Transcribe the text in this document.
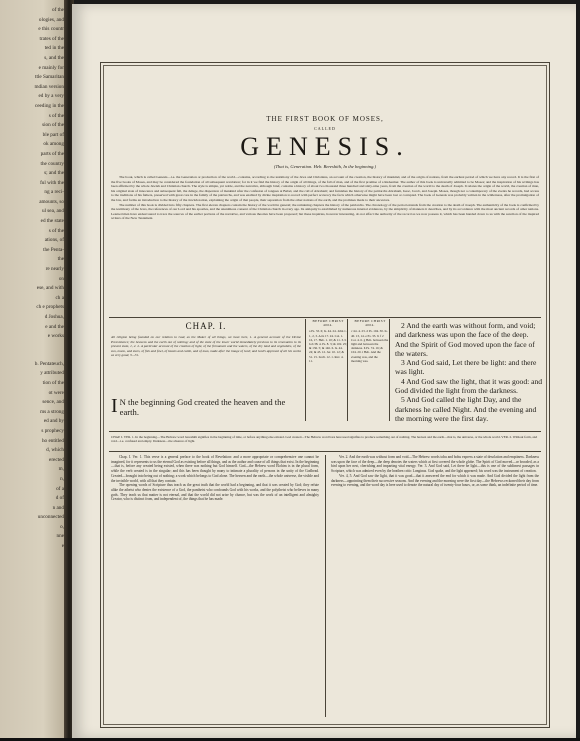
of the
ologies, and
e this countr
trates of the
ted in the
s, and the
e mainly for
ttle Samaritan
mdian version
ed by a very
ceeding in the
s of the
sion of the
ble part of
ok among
parts of the
the country
s; and the
ful with the
ng a reci-
amounts, so
ul sea, and
ed the state
s of the
ations, of
the Penta-
the
re nearly
on
ese, and with
ch a
ch e prophets
d Joshua,
e and the
e works
b. Pentateuch,
y attributed
tion of the
ot were
sence, and
ms a strong
ed and by
s prophecy
ho entitled
d, which
erected
m,
n,
of a
d of
n and
unconnected
o,
nne
e
THE FIRST BOOK OF MOSES,
CALLED
GENESIS.
(That is, Generation. Heb. Bereshith, In the beginning.)

The book, which is called Genesis—i.e. the Generation or production of the world—contains, according to the testimony of the Jews and Christians, an account of the creation, the history of mankind, and of the origin of nations, from the earliest period of which we have any record. It is the first of the five books of Moses, and may be considered the foundation of all subsequent revelation; for in it we find the history of the origin of all things, of the fall of man, and of the first promise of a Redeemer. The author of this book is universally admitted to be Moses; and the inspiration of his writings has been affirmed by the whole Jewish and Christian church. The style is simple, yet noble, and the narrative, although brief, contains a history of about two thousand three hundred and sixty-nine years, from the creation of the world to the death of Joseph. It relates the origin of the world, the creation of man, his original state of innocence and subsequent fall, the deluge, the dispersion of mankind after the confusion of tongues at Babel, and the call of Abraham; and furnishes the history of the patriarchs Abraham, Isaac, Jacob, and Joseph. Moses, though not a contemporary of the events he records, had access to the traditions of his fathers, preserved with great care in the family of the patriarchs, and was enabled by divine inspiration to record with perfect accuracy the facts which otherwise might have been lost or corrupted. The book of Genesis was probably written in the wilderness, after the promulgation of the law, and forms an introduction to the history of the Jewish nation, explaining the origin of that people, their separation from the other nations of the earth, and the promises made to their ancestors.

The number of this book is divided into fifty chapters. The first eleven chapters contain the history of the world in general; the remaining chapters the history of the patriarchs. The chronology of the period extends from the creation to the death of Joseph. The authenticity of the book is confirmed by the testimony of the Jews, the references of our Lord and his apostles, and the unanimous consent of the Christian church in every age. Its antiquity is established by numerous internal evidences, by the simplicity of manners it describes, and by its accordance with the most ancient records of other nations. Learned men have endeavoured to trace the sources of the earlier portions of the narrative, and various theories have been proposed; but these inquiries, however interesting, do not affect the authority of the record as we now possess it, which has been handed down to us with the sanction of the inspired writers of the New Testament.

CHAP. I.
All religion being founded on our relation to God, as the Maker of all things, we have here, 1. A general account of the Divine Preexistence; the heavens and the earth out of nothing; and of the state of the lower world immediately previous to its renovation to its present state, 1, 2. 2. A particular account of the creation of light, of the firmament and the waters, of the dry land and vegetables, of the sun, moon, and stars, of fish and fowl, of beasts and cattle, and of man, made after the image of God; and God's approval of all his works as very good, 3—31.
I N the beginning God created the heaven and the earth.
BEFORE CHRIST 4004.
a Ps. 33. 6; Is. 44. 24. John 1. 1, 2, 3. Acts 17. 24. Col. 1. 16, 17. Heb. 1. 10; & 11. 3. b Job 38. 4. Ps. 8. 3; & 102. 25; & 136. 5; & 146. 6. Is. 44. 24; & 45. 12. Jer. 10. 12; & 51. 15. Zech. 12. 1. Rev. 4. 11.
BEFORE CHRIST 4004.
c Jer. 4. 23. d Ps. 104. 30. Is. 40. 13, 14. e Ps. 33. 9. f 2 Cor. 4. 6. g Heb. between the light and between the darkness. h Ps. 74. 16; & 104. 20. i Heb. And the evening was, and the morning was.

2 And the earth was without form, and void; and darkness was upon the face of the deep. And the Spirit of God moved upon the face of the waters.

3 And God said, Let there be light: and there was light.

4 And God saw the light, that it was good: and God divided the light from the darkness.

5 And God called the light Day, and the darkness he called Night. And the evening and the morning were the first day.

CHAP. I. VER. 1. In the beginning—The Hebrew word bereshith signifies in the beginning of time, or before anything else existed. God created—The Hebrew word bara here used signifies to produce something out of nothing. The heaven and the earth—that is, the universe, or the whole world. VER. 2. Without form, and void—i.e. confused and empty. Darkness—the absence of light.

Chap. I. Ver. 1. This verse is a general preface to the book of Revelation: and a more appropriate or comprehensive one cannot be imagined, for it represents to us the eternal God as existing before all things, and as the author and cause of all things that exist. In the beginning—that is, before any created being existed, when there was nothing but God himself. God—the Hebrew word Elohim is in the plural form, while the verb created is in the singular; and this has been thought by many to intimate a plurality of persons in the unity of the Godhead. Created—brought into being out of nothing; a work which belongs to God alone. The heaven and the earth—the whole universe, the visible and the invisible world, with all that they contain.

The opening words of Scripture thus teach us the great truth that the world had a beginning, and that it was created by God; they refute alike the atheist who denies the existence of a God, the pantheist who confounds God with his works, and the polytheist who believes in many gods. They teach us that matter is not eternal, and that the world did not arise by chance, but was the work of an intelligent and almighty Creator, who is distinct from, and independent of, the things that he has made.

Ver. 2. And the earth was without form and void—The Hebrew words tohu and bohu express a state of desolation and emptiness. Darkness was upon the face of the deep—the deep denotes the waters which at first covered the whole globe. The Spirit of God moved—or brooded, as a bird upon her nest, cherishing and imparting vital energy. Ver. 3. And God said, Let there be light—this is one of the sublimest passages in Scripture, which was admired even by the heathen critic Longinus. God spake, and the light appeared; his word was the instrument of creation.

Ver. 4, 5. And God saw the light, that it was good—that it answered the end for which it was made. And God divided the light from the darkness—appointing them their successive seasons. And the evening and the morning were the first day—the Hebrews reckoned their day from evening to evening, and the word day is here used to denote the natural day of twenty-four hours, or, as some think, an indefinite period of time.
